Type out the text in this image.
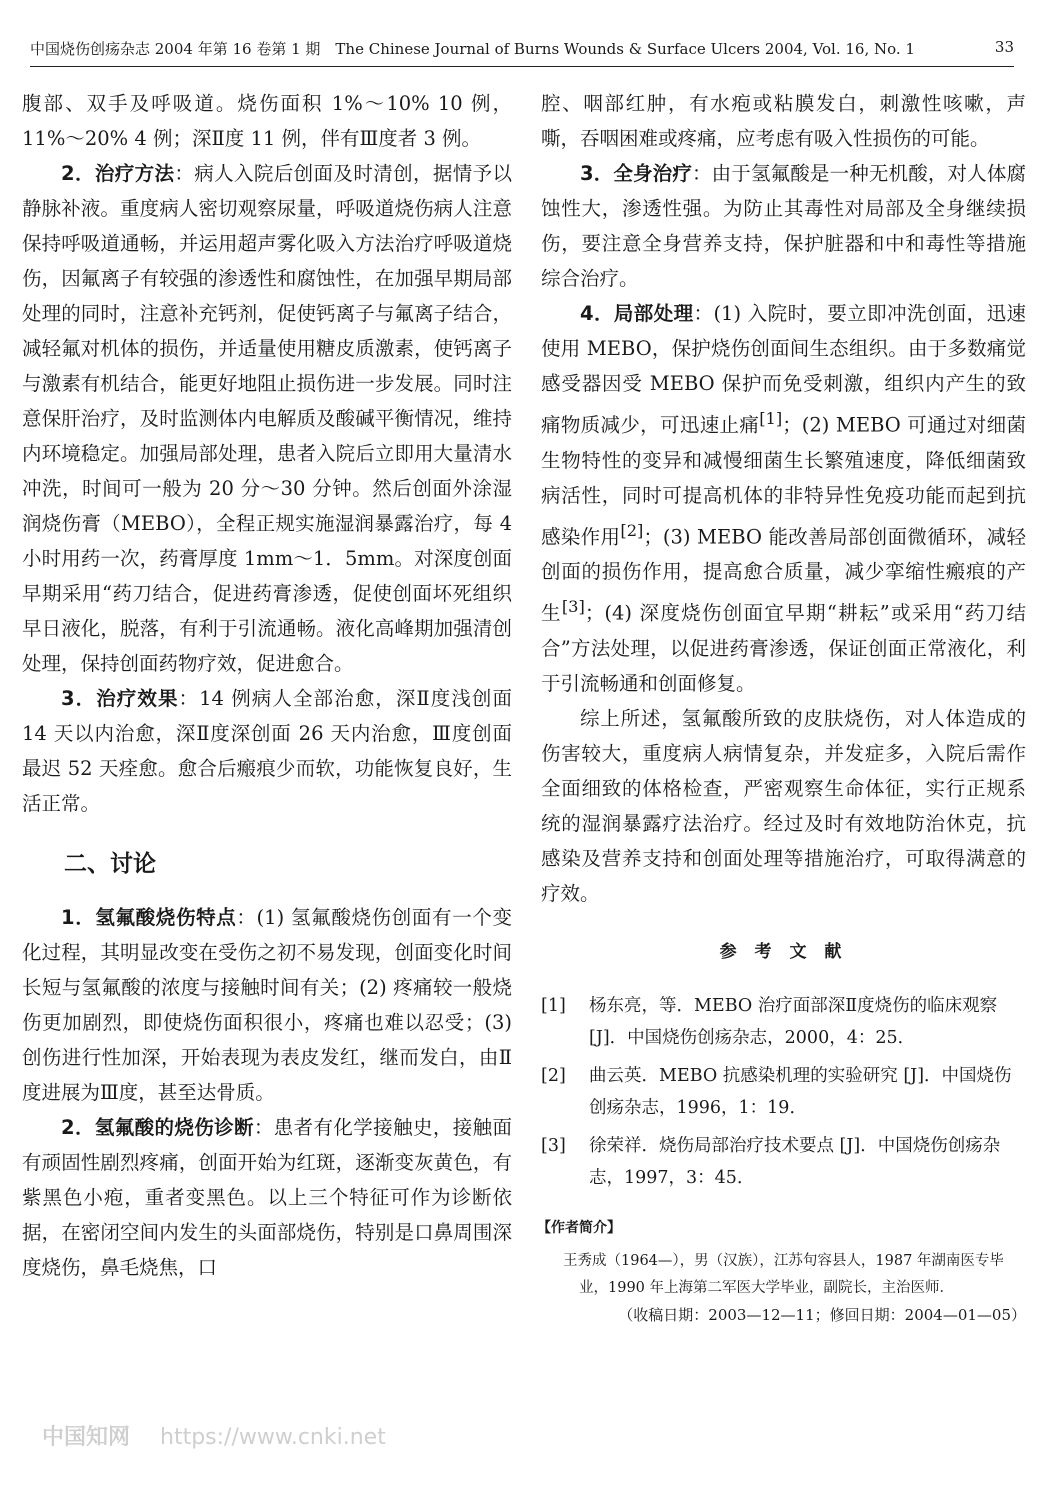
中国烧伤创疡杂志 2004 年第 16 卷第 1 期　The Chinese Journal of Burns Wounds & Surface Ulcers 2004, Vol. 16, No. 1	33

腹部、双手及呼吸道。烧伤面积 1%～10% 10 例，11%～20% 4 例；深Ⅱ度 11 例，伴有Ⅲ度者 3 例。

2．治疗方法：病人入院后创面及时清创，据情予以静脉补液。重度病人密切观察尿量，呼吸道烧伤病人注意保持呼吸道通畅，并运用超声雾化吸入方法治疗呼吸道烧伤，因氟离子有较强的渗透性和腐蚀性，在加强早期局部处理的同时，注意补充钙剂，促使钙离子与氟离子结合，减轻氟对机体的损伤，并适量使用糖皮质激素，使钙离子与激素有机结合，能更好地阻止损伤进一步发展。同时注意保肝治疗，及时监测体内电解质及酸碱平衡情况，维持内环境稳定。加强局部处理，患者入院后立即用大量清水冲洗，时间可一般为 20 分～30 分钟。然后创面外涂湿润烧伤膏（MEBO），全程正规实施湿润暴露治疗，每 4 小时用药一次，药膏厚度 1mm～1．5mm。对深度创面早期采用“药刀结合，促进药膏渗透，促使创面坏死组织早日液化，脱落，有利于引流通畅。液化高峰期加强清创处理，保持创面药物疗效，促进愈合。

3．治疗效果：14 例病人全部治愈，深Ⅱ度浅创面 14 天以内治愈，深Ⅱ度深创面 26 天内治愈，Ⅲ度创面最迟 52 天痊愈。愈合后瘢痕少而软，功能恢复良好，生活正常。

二、讨论

1．氢氟酸烧伤特点：(1) 氢氟酸烧伤创面有一个变化过程，其明显改变在受伤之初不易发现，创面变化时间长短与氢氟酸的浓度与接触时间有关；(2) 疼痛较一般烧伤更加剧烈，即使烧伤面积很小，疼痛也难以忍受；(3) 创伤进行性加深，开始表现为表皮发红，继而发白，由Ⅱ度进展为Ⅲ度，甚至达骨质。

2．氢氟酸的烧伤诊断：患者有化学接触史，接触面有顽固性剧烈疼痛，创面开始为红斑，逐渐变灰黄色，有紫黑色小疱，重者变黑色。以上三个特征可作为诊断依据，在密闭空间内发生的头面部烧伤，特别是口鼻周围深度烧伤，鼻毛烧焦，口

腔、咽部红肿，有水疱或粘膜发白，刺激性咳嗽，声嘶，吞咽困难或疼痛，应考虑有吸入性损伤的可能。

3．全身治疗：由于氢氟酸是一种无机酸，对人体腐蚀性大，渗透性强。为防止其毒性对局部及全身继续损伤，要注意全身营养支持，保护脏器和中和毒性等措施综合治疗。

4．局部处理：(1) 入院时，要立即冲洗创面，迅速使用 MEBO，保护烧伤创面间生态组织。由于多数痛觉感受器因受 MEBO 保护而免受刺激，组织内产生的致痛物质减少，可迅速止痛[1]；(2) MEBO 可通过对细菌生物特性的变异和减慢细菌生长繁殖速度，降低细菌致病活性，同时可提高机体的非特异性免疫功能而起到抗感染作用[2]；(3) MEBO 能改善局部创面微循环，减轻创面的损伤作用，提高愈合质量，减少挛缩性瘢痕的产生[3]；(4) 深度烧伤创面宜早期“耕耘”或采用“药刀结合”方法处理，以促进药膏渗透，保证创面正常液化，利于引流畅通和创面修复。

综上所述，氢氟酸所致的皮肤烧伤，对人体造成的伤害较大，重度病人病情复杂，并发症多，入院后需作全面细致的体格检查，严密观察生命体征，实行正规系统的湿润暴露疗法治疗。经过及时有效地防治休克，抗感染及营养支持和创面处理等措施治疗，可取得满意的疗效。

参 考 文 献
[1] 杨东亮，等．MEBO 治疗面部深Ⅱ度烧伤的临床观察 [J]．中国烧伤创疡杂志，2000，4：25．
[2] 曲云英．MEBO 抗感染机理的实验研究 [J]．中国烧伤创疡杂志，1996，1：19．
[3] 徐荣祥．烧伤局部治疗技术要点 [J]．中国烧伤创疡杂志，1997，3：45．
【作者简介】
王秀成（1964—），男（汉族），江苏句容县人，1987 年湖南医专毕业，1990 年上海第二军医大学毕业，副院长，主治医师．
（收稿日期：2003—12—11；修回日期：2004—01—05）
中国知网 https://www.cnki.net
